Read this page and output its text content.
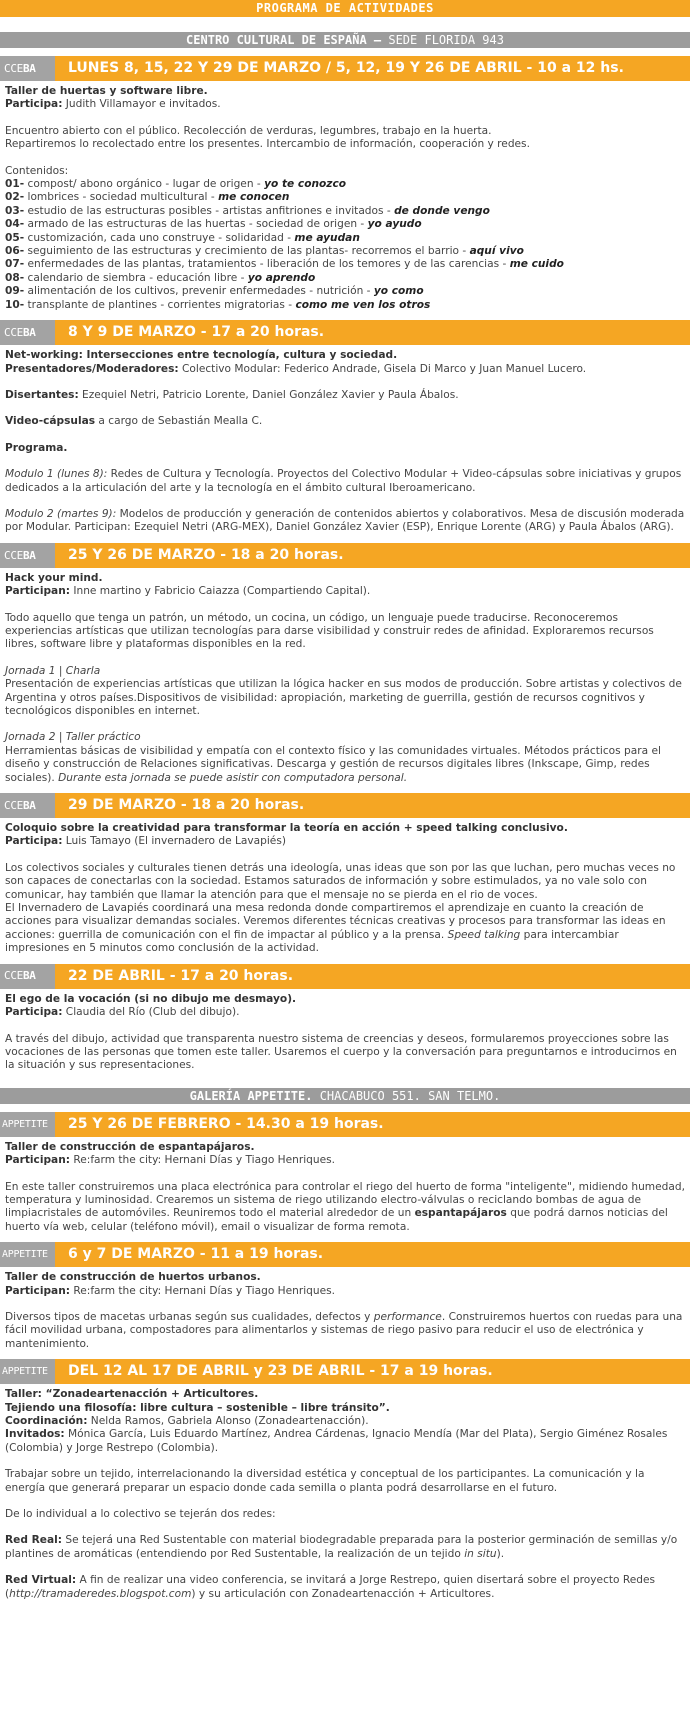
PROGRAMA DE ACTIVIDADES
CENTRO CULTURAL DE ESPAÑA – SEDE FLORIDA 943
CCE BA	LUNES 8, 15, 22 Y 29 DE MARZO / 5, 12, 19 Y 26 DE ABRIL - 10 a 12 hs.

Taller de huertas y software libre.

Participa: Judith Villamayor e invitados.

Encuentro abierto con el público. Recolección de verduras, legumbres, trabajo en la huerta.

Repartiremos lo recolectado entre los presentes. Intercambio de información, cooperación y redes.

Contenidos:

01- compost/ abono orgánico - lugar de origen - yo te conozco

02- lombrices - sociedad multicultural - me conocen

03- estudio de las estructuras posibles - artistas anfitriones e invitados - de donde vengo

04- armado de las estructuras de las huertas - sociedad de origen - yo ayudo

05- customización, cada uno construye - solidaridad - me ayudan

06- seguimiento de las estructuras y crecimiento de las plantas- recorremos el barrio - aquí vivo

07- enfermedades de las plantas, tratamientos - liberación de los temores y de las carencias - me cuido

08- calendario de siembra - educación libre - yo aprendo

09- alimentación de los cultivos, prevenir enfermedades - nutrición - yo como

10- transplante de plantines - corrientes migratorias - como me ven los otros

CCE BA	8 Y 9 DE MARZO - 17 a 20 horas.

Net-working: Intersecciones entre tecnología, cultura y sociedad.

Presentadores/Moderadores: Colectivo Modular: Federico Andrade, Gisela Di Marco y Juan Manuel Lucero.

Disertantes: Ezequiel Netri, Patricio Lorente, Daniel González Xavier y Paula Ábalos.

Video-cápsulas a cargo de Sebastián Mealla C.

Programa.

Modulo 1 (lunes 8): Redes de Cultura y Tecnología. Proyectos del Colectivo Modular + Video-cápsulas sobre iniciativas y grupos dedicados a la articulación del arte y la tecnología en el ámbito cultural Iberoamericano.

Modulo 2 (martes 9): Modelos de producción y generación de contenidos abiertos y colaborativos. Mesa de discusión moderada por Modular. Participan: Ezequiel Netri (ARG-MEX), Daniel González Xavier (ESP), Enrique Lorente (ARG) y Paula Ábalos (ARG).

CCE BA	25 Y 26 DE MARZO - 18 a 20 horas.

Hack your mind.

Participan: Inne martino y Fabricio Caiazza (Compartiendo Capital).

Todo aquello que tenga un patrón, un método, un cocina, un código, un lenguaje puede traducirse. Reconoceremos experiencias artísticas que utilizan tecnologías para darse visibilidad y construir redes de afinidad. Exploraremos recursos libres, software libre y plataformas disponibles en la red.

Jornada 1 | Charla

Presentación de experiencias artísticas que utilizan la lógica hacker en sus modos de producción. Sobre artistas y colectivos de Argentina y otros países.Dispositivos de visibilidad: apropiación, marketing de guerrilla, gestión de recursos cognitivos y tecnológicos disponibles en internet.

Jornada 2 | Taller práctico

Herramientas básicas de visibilidad y empatía con el contexto físico y las comunidades virtuales. Métodos prácticos para el diseño y construcción de Relaciones significativas. Descarga y gestión de recursos digitales libres (Inkscape, Gimp, redes sociales). Durante esta jornada se puede asistir con computadora personal.

CCE BA	29 DE MARZO - 18 a 20 horas.

Coloquio sobre la creatividad para transformar la teoría en acción + speed talking conclusivo.

Participa: Luis Tamayo (El invernadero de Lavapiés)

Los colectivos sociales y culturales tienen detrás una ideología, unas ideas que son por las que luchan, pero muchas veces no son capaces de conectarlas con la sociedad. Estamos saturados de información y sobre estimulados, ya no vale solo con comunicar, hay también que llamar la atención para que el mensaje no se pierda en el rio de voces.

El Invernadero de Lavapiés coordinará una mesa redonda donde compartiremos el aprendizaje en cuanto la creación de acciones para visualizar demandas sociales. Veremos diferentes técnicas creativas y procesos para transformar las ideas en acciones: guerrilla de comunicación con el fin de impactar al público y a la prensa. Speed talking para intercambiar impresiones en 5 minutos como conclusión de la actividad.

CCE BA	22 DE ABRIL - 17 a 20 horas.

El ego de la vocación (si no dibujo me desmayo).

Participa: Claudia del Río (Club del dibujo).

A través del dibujo, actividad que transparenta nuestro sistema de creencias y deseos, formularemos proyecciones sobre las vocaciones de las personas que tomen este taller. Usaremos el cuerpo y la conversación para preguntarnos e introducirnos en la situación y sus representaciones.

GALERÍA APPETITE. CHACABUCO 551. SAN TELMO.
APPETITE	25 Y 26 DE FEBRERO - 14.30 a 19 horas.

Taller de construcción de espantapájaros.

Participan: Re:farm the city: Hernani Días y Tiago Henriques.

En este taller construiremos una placa electrónica para controlar el riego del huerto de forma "inteligente", midiendo humedad, temperatura y luminosidad. Crearemos un sistema de riego utilizando electro-válvulas o reciclando bombas de agua de limpiacristales de automóviles. Reuniremos todo el material alrededor de un espantapájaros que podrá darnos noticias del huerto vía web, celular (teléfono móvil), email o visualizar de forma remota.

APPETITE	6 y 7 DE MARZO - 11 a 19 horas.

Taller de construcción de huertos urbanos.

Participan: Re:farm the city: Hernani Días y Tiago Henriques.

Diversos tipos de macetas urbanas según sus cualidades, defectos y performance. Construiremos huertos con ruedas para una fácil movilidad urbana, compostadores para alimentarlos y sistemas de riego pasivo para reducir el uso de electrónica y mantenimiento.

APPETITE	DEL 12 AL 17 DE ABRIL y 23 DE ABRIL - 17 a 19 horas.

Taller: “Zonadeartenacción + Articultores.

Tejiendo una filosofía: libre cultura – sostenible – libre tránsito”.

Coordinación: Nelda Ramos, Gabriela Alonso (Zonadeartenacción).

Invitados: Mónica García, Luis Eduardo Martínez, Andrea Cárdenas, Ignacio Mendía (Mar del Plata), Sergio Giménez Rosales (Colombia) y Jorge Restrepo (Colombia).

Trabajar sobre un tejido, interrelacionando la diversidad estética y conceptual de los participantes. La comunicación y la energía que generará preparar un espacio donde cada semilla o planta podrá desarrollarse en el futuro.

De lo individual a lo colectivo se tejerán dos redes:

Red Real: Se tejerá una Red Sustentable con material biodegradable preparada para la posterior germinación de semillas y/o plantines de aromáticas (entendiendo por Red Sustentable, la realización de un tejido in situ).

Red Virtual: A fin de realizar una video conferencia, se invitará a Jorge Restrepo, quien disertará sobre el proyecto Redes (http://tramaderedes.blogspot.com) y su articulación con Zonadeartenacción + Articultores.
